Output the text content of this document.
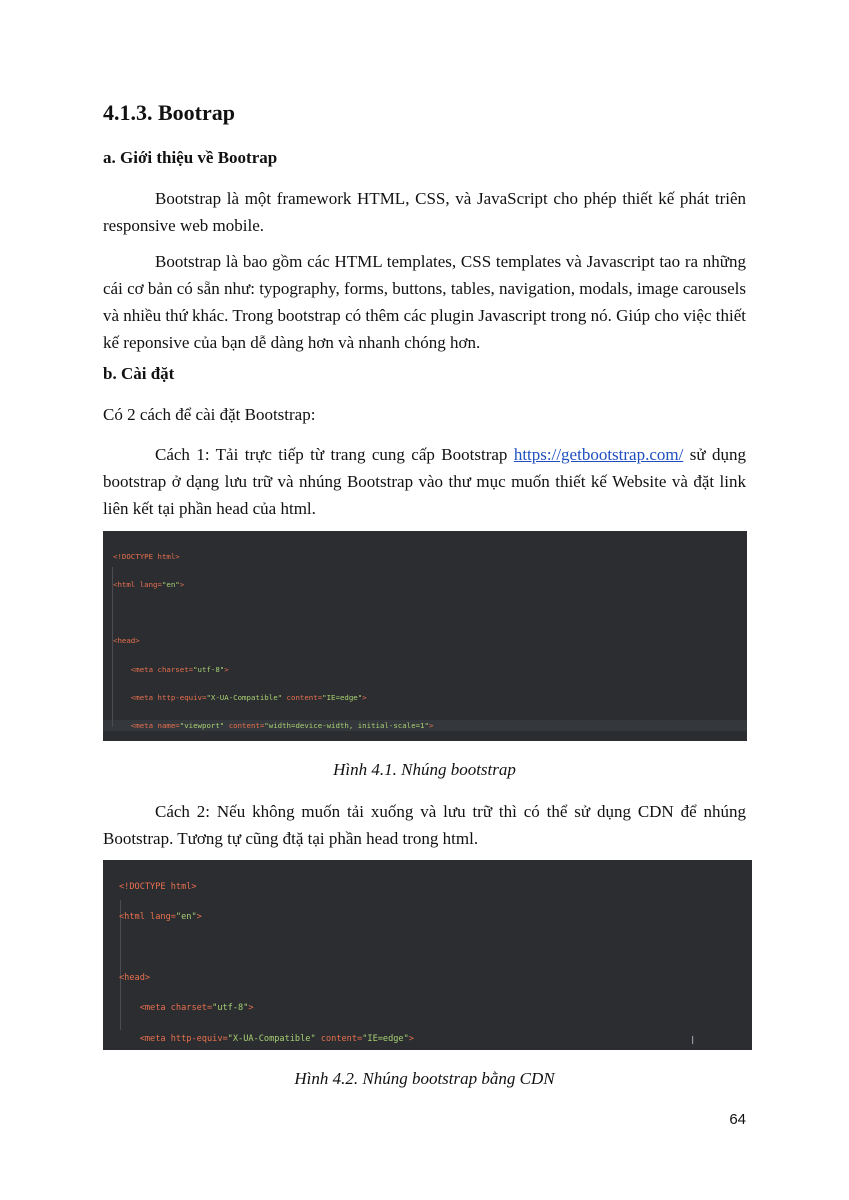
4.1.3. Bootrap
a. Giới thiệu về Bootrap

Bootstrap là một framework HTML, CSS, và JavaScript cho phép thiết kế phát triên responsive web mobile.

Bootstrap là bao gồm các HTML templates, CSS templates và Javascript tao ra những cái cơ bản có sẵn như: typography, forms, buttons, tables, navigation, modals, image carousels và nhiều thứ khác. Trong bootstrap có thêm các plugin Javascript trong nó. Giúp cho việc thiết kế reponsive của bạn dễ dàng hơn và nhanh chóng hơn.

b. Cài đặt

Có 2 cách để cài đặt Bootstrap:

Cách 1: Tải trực tiếp từ trang cung cấp Bootstrap https://getbootstrap.com/ sử dụng bootstrap ở dạng lưu trữ và nhúng Bootstrap vào thư mục muốn thiết kế Website và đặt link liên kết tại phần head của html.

<!DOCTYPE html>

<html lang="en">

<head>

<meta charset="utf-8">

<meta http-equiv="X-UA-Compatible" content="IE=edge">

<meta name="viewport" content="width=device-width, initial-scale=1">

Hình 4.1. Nhúng bootstrap

Cách 2: Nếu không muốn tải xuống và lưu trữ thì có thể sử dụng CDN để nhúng Bootstrap. Tương tự cũng đtặ tại phần head trong html.

<!DOCTYPE html>

<html lang="en">

<head>

<meta charset="utf-8">

<meta http-equiv="X-UA-Compatible" content="IE=edge">

	I

Hình 4.2. Nhúng bootstrap bằng CDN

64
